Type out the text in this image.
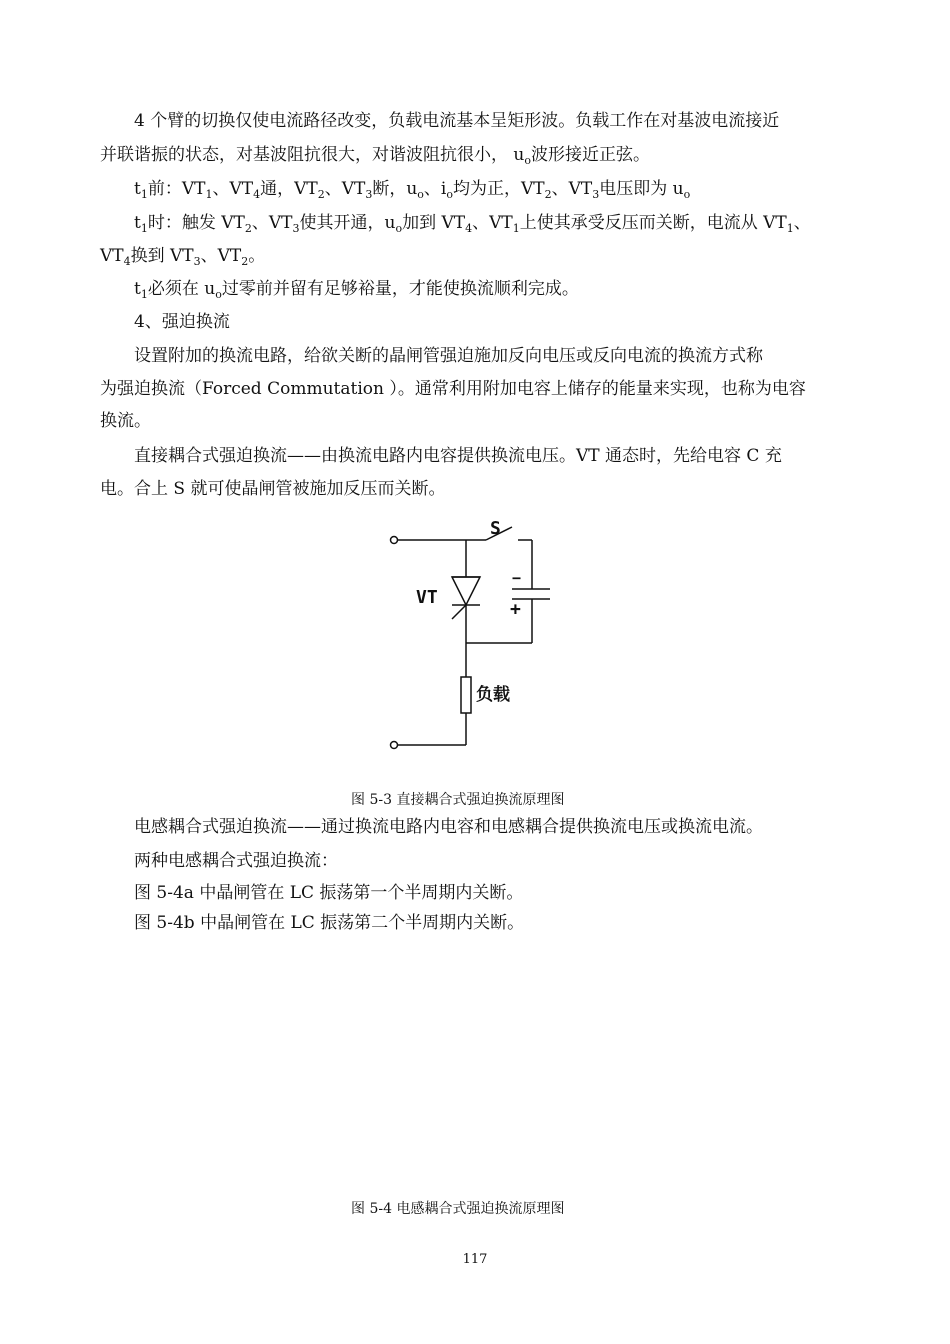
4 个臂的切换仅使电流路径改变，负载电流基本呈矩形波。负载工作在对基波电流接近
并联谐振的状态，对基波阻抗很大，对谐波阻抗很小， $u_o$波形接近正弦。
$t_1$前：$VT_1$、$VT_4$通，$VT_2$、$VT_3$断，$u_o$、$i_o$均为正，$VT_2$、$VT_3$电压即为 $u_o$
$t_1$时：触发 $VT_2$、$VT_3$使其开通，$u_o$加到 $VT_4$、$VT_1$上使其承受反压而关断，电流从 $VT_1$、
$VT_4$换到 $VT_3$、$VT_2$。
$t_1$必须在 $u_o$过零前并留有足够裕量，才能使换流顺利完成。
4、强迫换流
设置附加的换流电路，给欲关断的晶闸管强迫施加反向电压或反向电流的换流方式称
为强迫换流（Forced Commutation ）。通常利用附加电容上储存的能量来实现，也称为电容
换流。
直接耦合式强迫换流——由换流电路内电容提供换流电压。VT 通态时，先给电容 C 充
电。合上 S 就可使晶闸管被施加反压而关断。
S
VT
−
+
负载
图 5-3 直接耦合式强迫换流原理图
电感耦合式强迫换流——通过换流电路内电容和电感耦合提供换流电压或换流电流。
两种电感耦合式强迫换流：
图 5-4a 中晶闸管在 LC 振荡第一个半周期内关断。
图 5-4b 中晶闸管在 LC 振荡第二个半周期内关断。
图 5-4 电感耦合式强迫换流原理图
117
